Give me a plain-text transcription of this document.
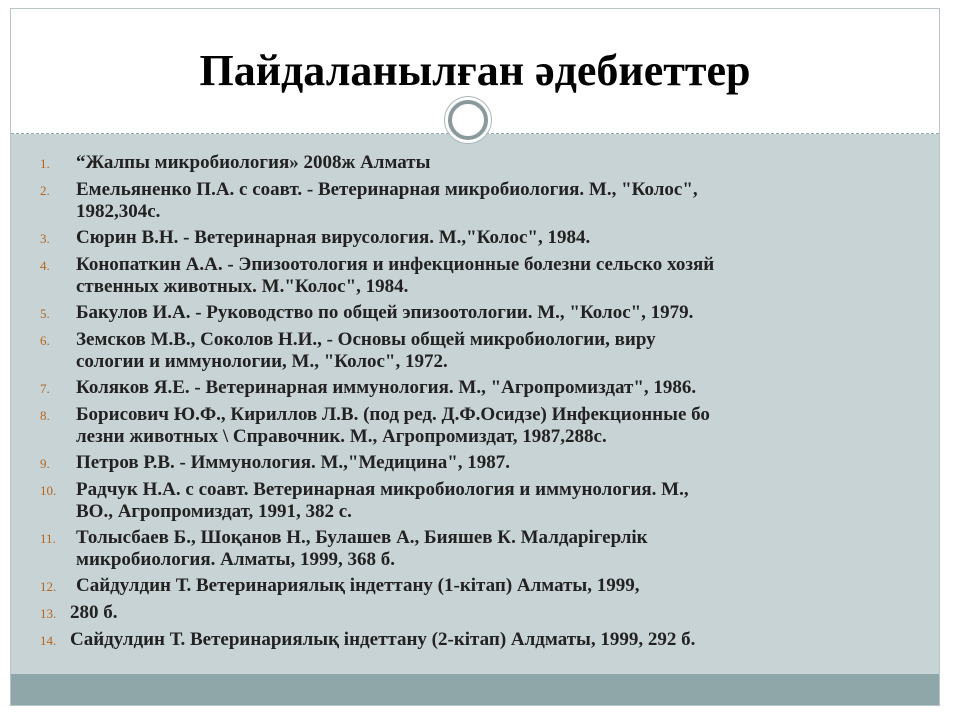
Пайдаланылған әдебиеттер
1.	“Жалпы микробиология» 2008ж Алматы
2.	Емельяненко П.А. с соавт. - Ветеринарная микробиология. М., "Колос",
1982,304с.
3.	Сюрин В.Н. - Ветеринарная вирусология. М.,"Колос", 1984.
4.	Конопаткин А.А. - Эпизоотология и инфекционные болезни сельско хозяй
ственных животных. М."Колос", 1984.
5.	Бакулов И.А. - Руководство по общей эпизоотологии. М., "Колос", 1979.
6.	Земсков М.В., Соколов Н.И., - Основы общей микробиологии, виру
сологии и иммунологии, М., "Колос", 1972.
7.	Коляков Я.Е. - Ветеринарная иммунология. М., "Агропромиздат", 1986.
8.	Борисович Ю.Ф., Кириллов Л.В. (под ред. Д.Ф.Осидзе) Инфекционные бо
лезни животных \ Справочник. М., Агропромиздат, 1987,288с.
9.	Петров Р.В. - Иммунология. М.,"Медицина", 1987.
10.	Радчук Н.А. с соавт. Ветеринарная микробиология и иммунология. М.,
ВО., Агропромиздат, 1991, 382 с.
11.	Толысбаев Б., Шоқанов Н., Булашев А., Бияшев К. Малдарігерлік
микробиология. Алматы, 1999, 368 б.
12.	Сайдулдин Т. Ветеринариялық індеттану (1-кітап) Алматы, 1999,
13. 280 б.
14. Сайдулдин Т. Ветеринариялық індеттану (2-кітап) Алдматы, 1999, 292 б.
